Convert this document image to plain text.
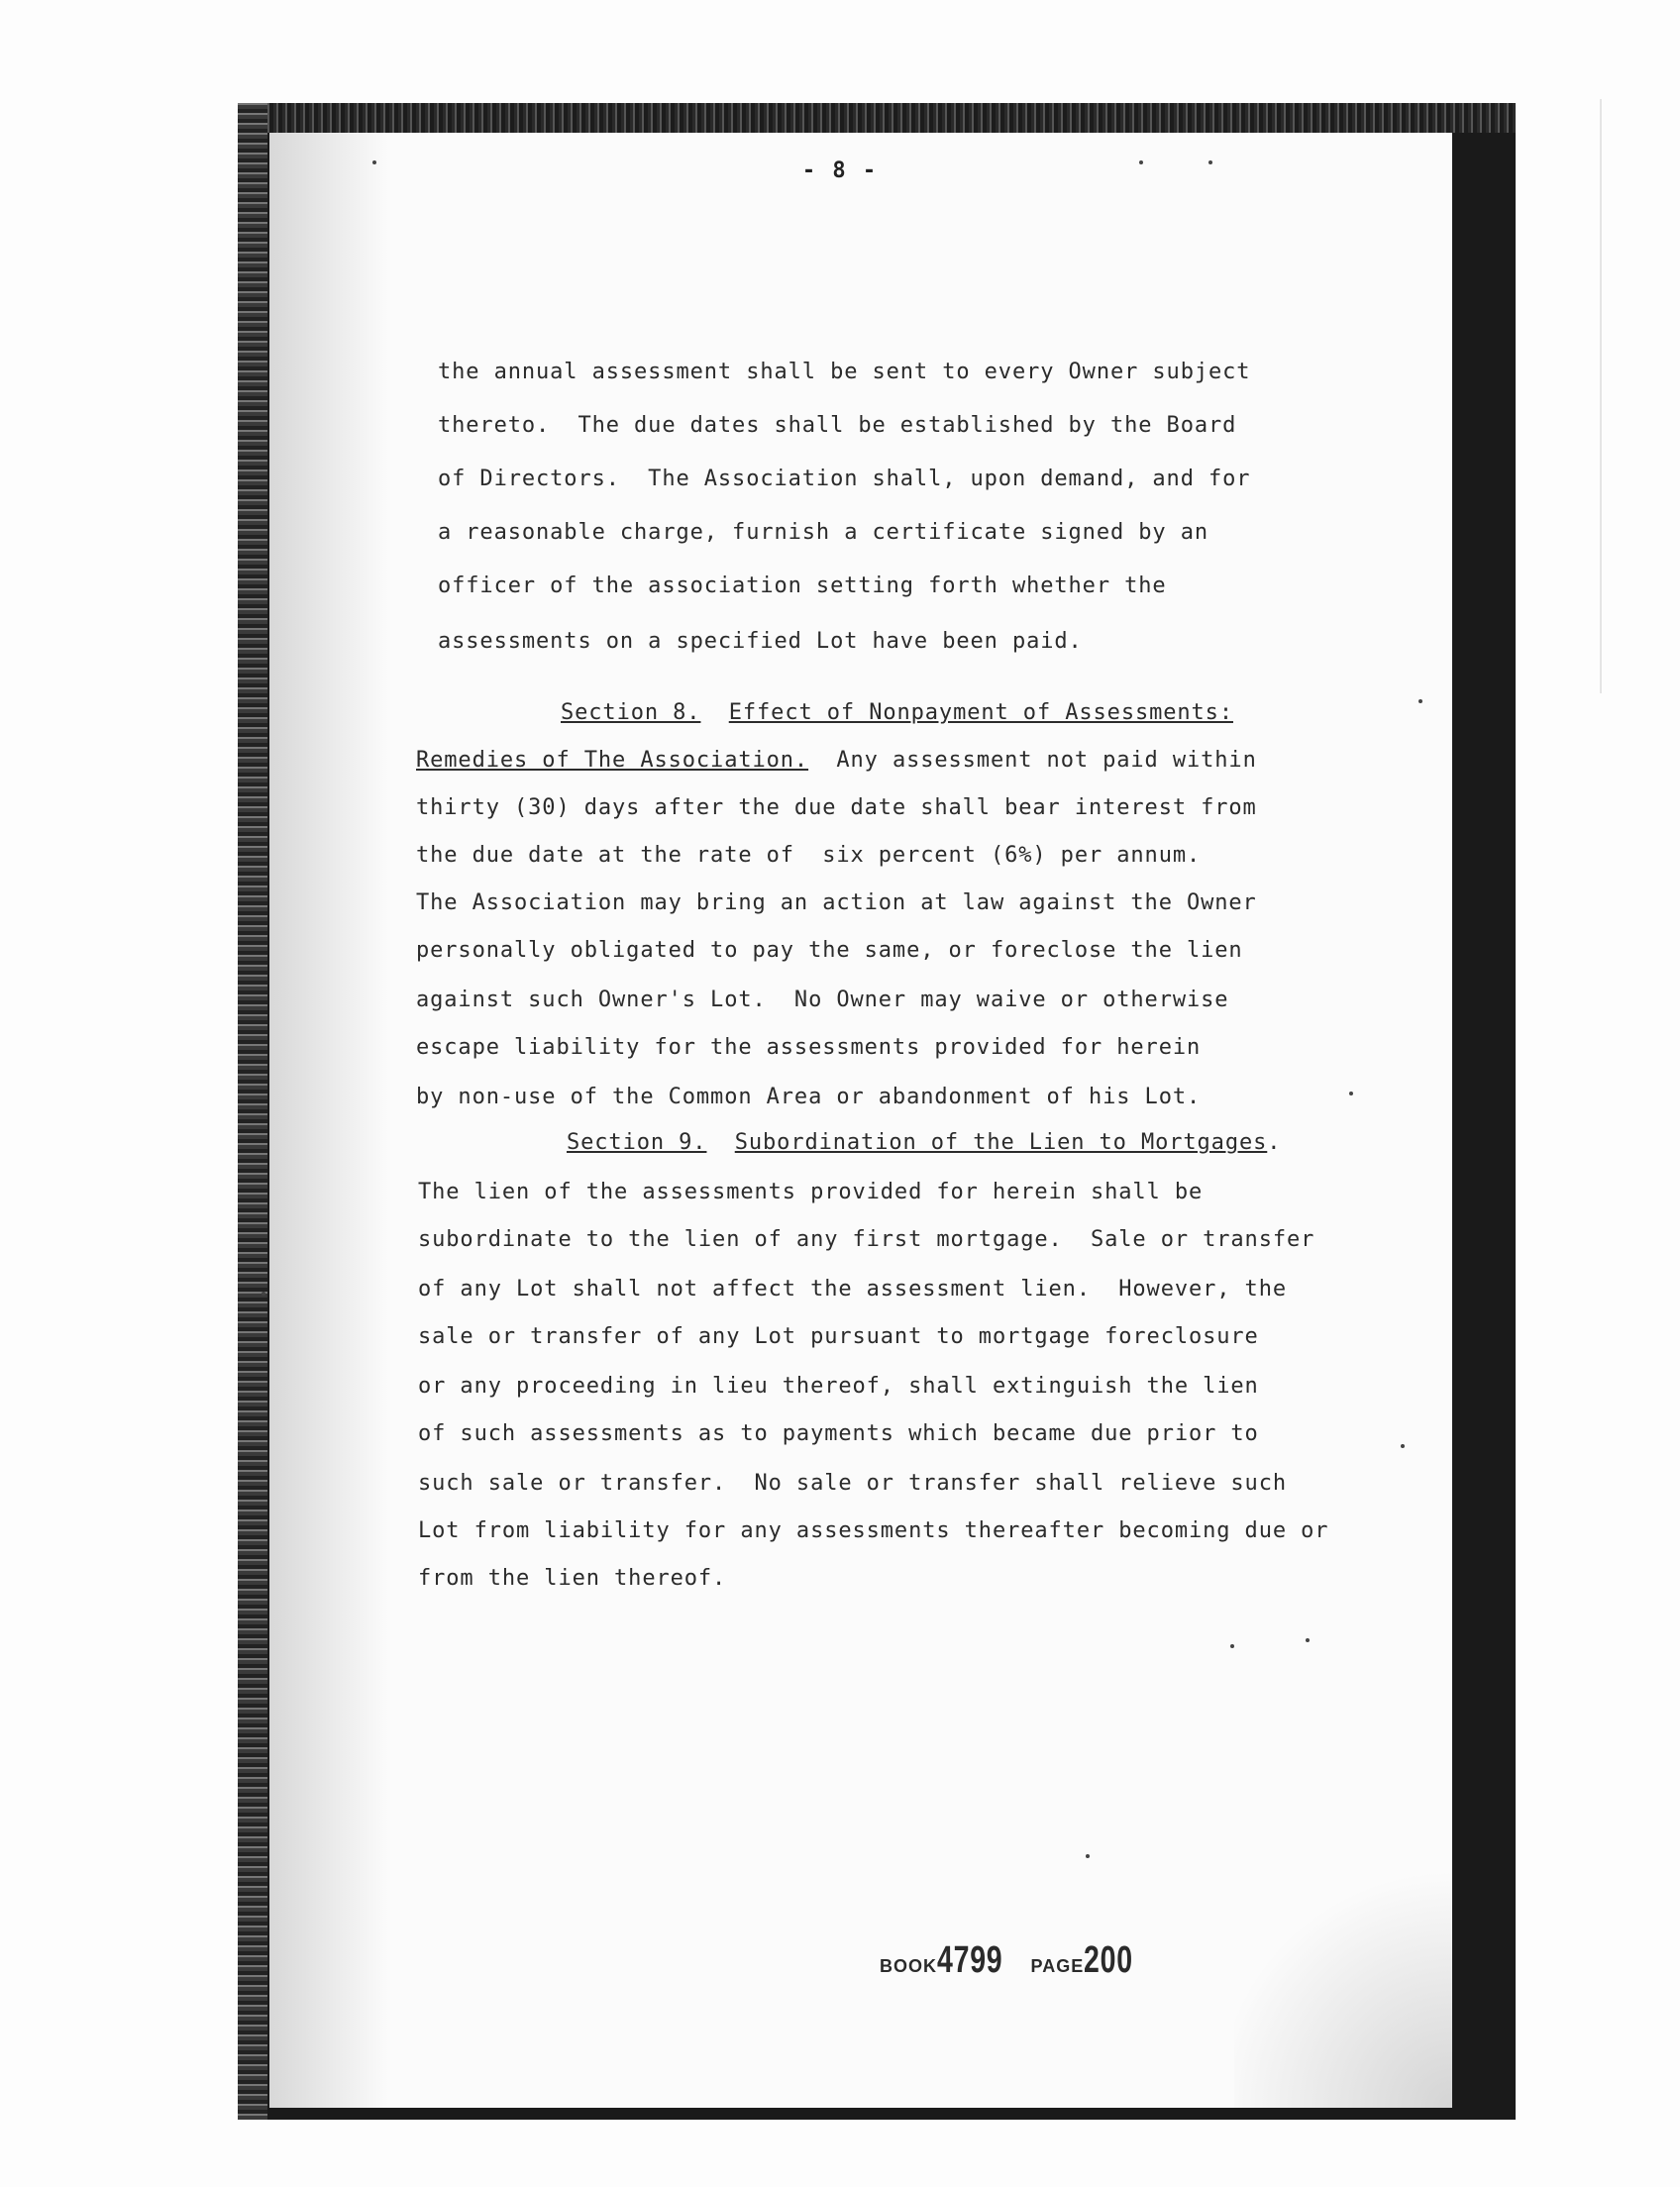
- 8 -
the annual assessment shall be sent to every Owner subject
thereto.  The due dates shall be established by the Board
of Directors.  The Association shall, upon demand, and for
a reasonable charge, furnish a certificate signed by an
officer of the association setting forth whether the
assessments on a specified Lot have been paid.
Section 8. Effect of Nonpayment of Assessments:
Remedies of The Association.  Any assessment not paid within
thirty (30) days after the due date shall bear interest from
the due date at the rate of  six percent (6%) per annum.
The Association may bring an action at law against the Owner
personally obligated to pay the same, or foreclose the lien
against such Owner's Lot.  No Owner may waive or otherwise
escape liability for the assessments provided for herein
by non-use of the Common Area or abandonment of his Lot.
Section 9. Subordination of the Lien to Mortgages.
The lien of the assessments provided for herein shall be
subordinate to the lien of any first mortgage.  Sale or transfer
of any Lot shall not affect the assessment lien.  However, the
sale or transfer of any Lot pursuant to mortgage foreclosure
or any proceeding in lieu thereof, shall extinguish the lien
of such assessments as to payments which became due prior to
such sale or transfer.  No sale or transfer shall relieve such
Lot from liability for any assessments thereafter becoming due or
from the lien thereof.
BOOK4799 PAGE200
